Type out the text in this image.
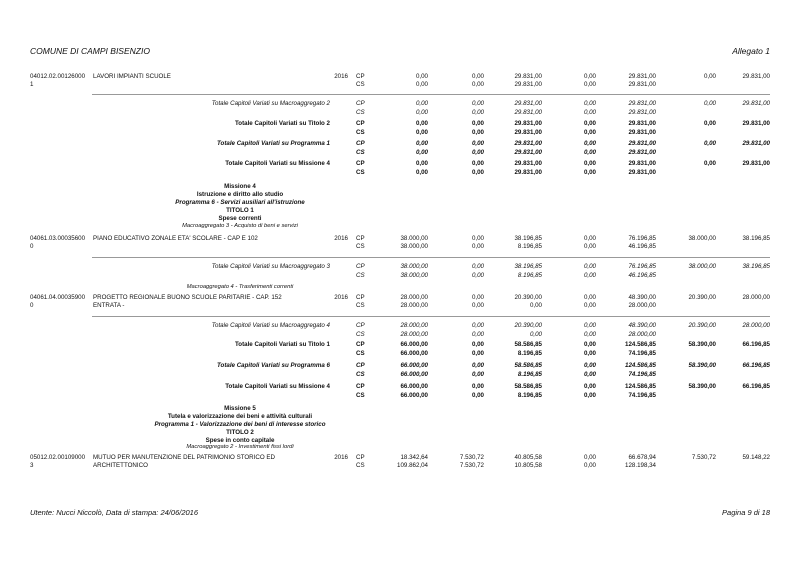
COMUNE DI CAMPI BISENZIO	Allegato 1
04012.02.00126000	LAVORI IMPIANTI SCUOLE	2016 CP	0,00	0,00	29.831,00	0,00	29.831,00	0,00	29.831,00
1	CS	0,00	0,00	29.831,00	0,00	29.831,00
Totale Capitoli Variati su Macroaggregato 2	CP	0,00	0,00	29.831,00	0,00	29.831,00	0,00	29.831,00
CS	0,00	0,00	29.831,00	0,00	29.831,00
Totale Capitoli Variati su Titolo 2	CP	0,00	0,00	29.831,00	0,00	29.831,00	0,00	29.831,00
CS	0,00	0,00	29.831,00	0,00	29.831,00
Totale Capitoli Variati su Programma 1	CP	0,00	0,00	29.831,00	0,00	29.831,00	0,00	29.831,00
CS	0,00	0,00	29.831,00	0,00	29.831,00
Totale Capitoli Variati su Missione 4	CP	0,00	0,00	29.831,00	0,00	29.831,00	0,00	29.831,00
CS	0,00	0,00	29.831,00	0,00	29.831,00
Missione 4
Istruzione e diritto allo studio
Programma 6 - Servizi ausiliari all'istruzione
TITOLO 1
Spese correnti
Macroaggregato 3 - Acquisto di beni e servizi
04061.03.00035600	PIANO EDUCATIVO ZONALE ETA' SCOLARE - CAP E 102	2016 CP	38.000,00	0,00	38.196,85	0,00	76.196,85	38.000,00	38.196,85
0	CS	38.000,00	0,00	8.196,85	0,00	46.196,85
Totale Capitoli Variati su Macroaggregato 3	CP	38.000,00	0,00	38.196,85	0,00	76.196,85	38.000,00	38.196,85
CS	38.000,00	0,00	8.196,85	0,00	46.196,85
Macroaggregato 4 - Trasferimenti correnti
04061.04.00035900	PROGETTO REGIONALE BUONO SCUOLE PARITARIE - CAP. 152	2016 CP	28.000,00	0,00	20.390,00	0,00	48.390,00	20.390,00	28.000,00
0	ENTRATA -	CS	28.000,00	0,00	0,00	0,00	28.000,00
Totale Capitoli Variati su Macroaggregato 4	CP	28.000,00	0,00	20.390,00	0,00	48.390,00	20.390,00	28.000,00
CS	28.000,00	0,00	0,00	0,00	28.000,00
Totale Capitoli Variati su Titolo 1	CP	66.000,00	0,00	58.586,85	0,00	124.586,85	58.390,00	66.196,85
CS	66.000,00	0,00	8.196,85	0,00	74.196,85
Totale Capitoli Variati su Programma 6	CP	66.000,00	0,00	58.586,85	0,00	124.586,85	58.390,00	66.196,85
CS	66.000,00	0,00	8.196,85	0,00	74.196,85
Totale Capitoli Variati su Missione 4	CP	66.000,00	0,00	58.586,85	0,00	124.586,85	58.390,00	66.196,85
CS	66.000,00	0,00	8.196,85	0,00	74.196,85
Missione 5
Tutela e valorizzazione dei beni e attività culturali
Programma 1 - Valorizzazione dei beni di interesse storico
TITOLO 2
Spese in conto capitale
Macroaggregato 2 - Investimenti fissi lordi
05012.02.00109000	MUTUO PER MANUTENZIONE DEL PATRIMONIO STORICO ED	2016 CP	18.342,64	7.530,72	40.805,58	0,00	66.678,94	7.530,72	59.148,22
3	ARCHITETTONICO	CS	109.862,04	7.530,72	10.805,58	0,00	128.198,34
Utente: Nucci Niccolò, Data di stampa: 24/06/2016	Pagina 9 di 18
